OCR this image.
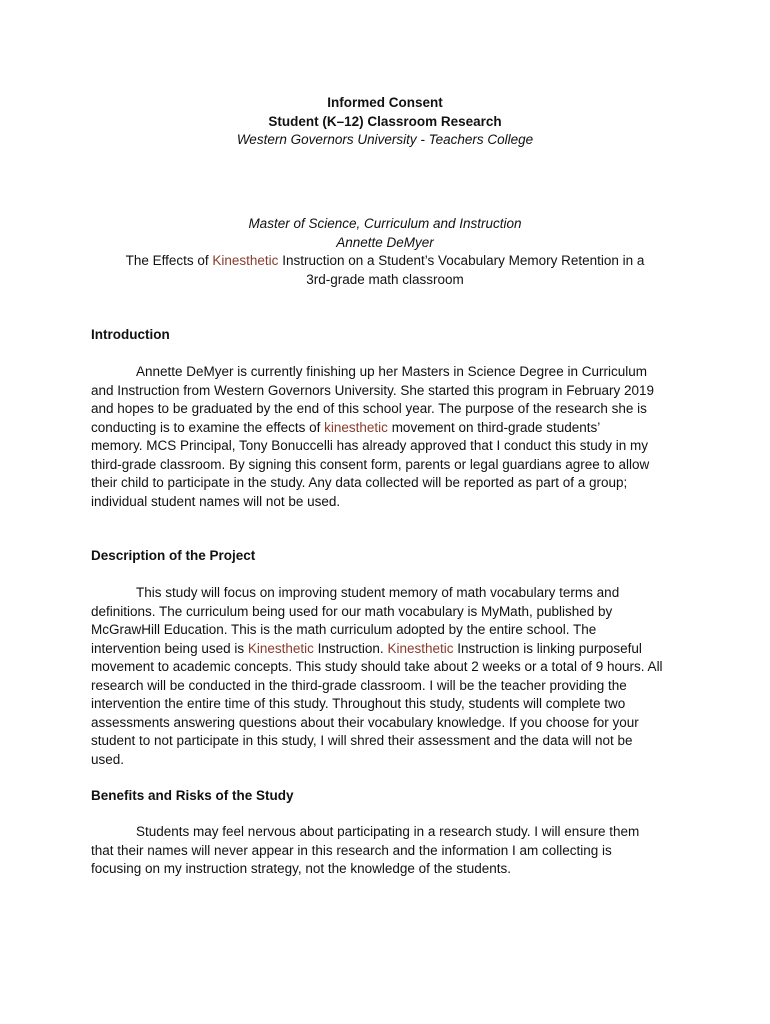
Informed Consent
Student (K–12) Classroom Research
Western Governors University - Teachers College
Master of Science, Curriculum and Instruction
Annette DeMyer
The Effects of Kinesthetic Instruction on a Student’s Vocabulary Memory Retention in a
3rd-grade math classroom
Introduction
Annette DeMyer is currently finishing up her Masters in Science Degree in Curriculum
and Instruction from Western Governors University. She started this program in February 2019
and hopes to be graduated by the end of this school year. The purpose of the research she is
conducting is to examine the effects of kinesthetic movement on third-grade students’
memory. MCS Principal, Tony Bonuccelli has already approved that I conduct this study in my
third-grade classroom. By signing this consent form, parents or legal guardians agree to allow
their child to participate in the study. Any data collected will be reported as part of a group;
individual student names will not be used.
Description of the Project
This study will focus on improving student memory of math vocabulary terms and
definitions. The curriculum being used for our math vocabulary is MyMath, published by
McGrawHill Education. This is the math curriculum adopted by the entire school. The
intervention being used is Kinesthetic Instruction. Kinesthetic Instruction is linking purposeful
movement to academic concepts. This study should take about 2 weeks or a total of 9 hours. All
research will be conducted in the third-grade classroom. I will be the teacher providing the
intervention the entire time of this study. Throughout this study, students will complete two
assessments answering questions about their vocabulary knowledge. If you choose for your
student to not participate in this study, I will shred their assessment and the data will not be
used.
Benefits and Risks of the Study
Students may feel nervous about participating in a research study. I will ensure them
that their names will never appear in this research and the information I am collecting is
focusing on my instruction strategy, not the knowledge of the students.
